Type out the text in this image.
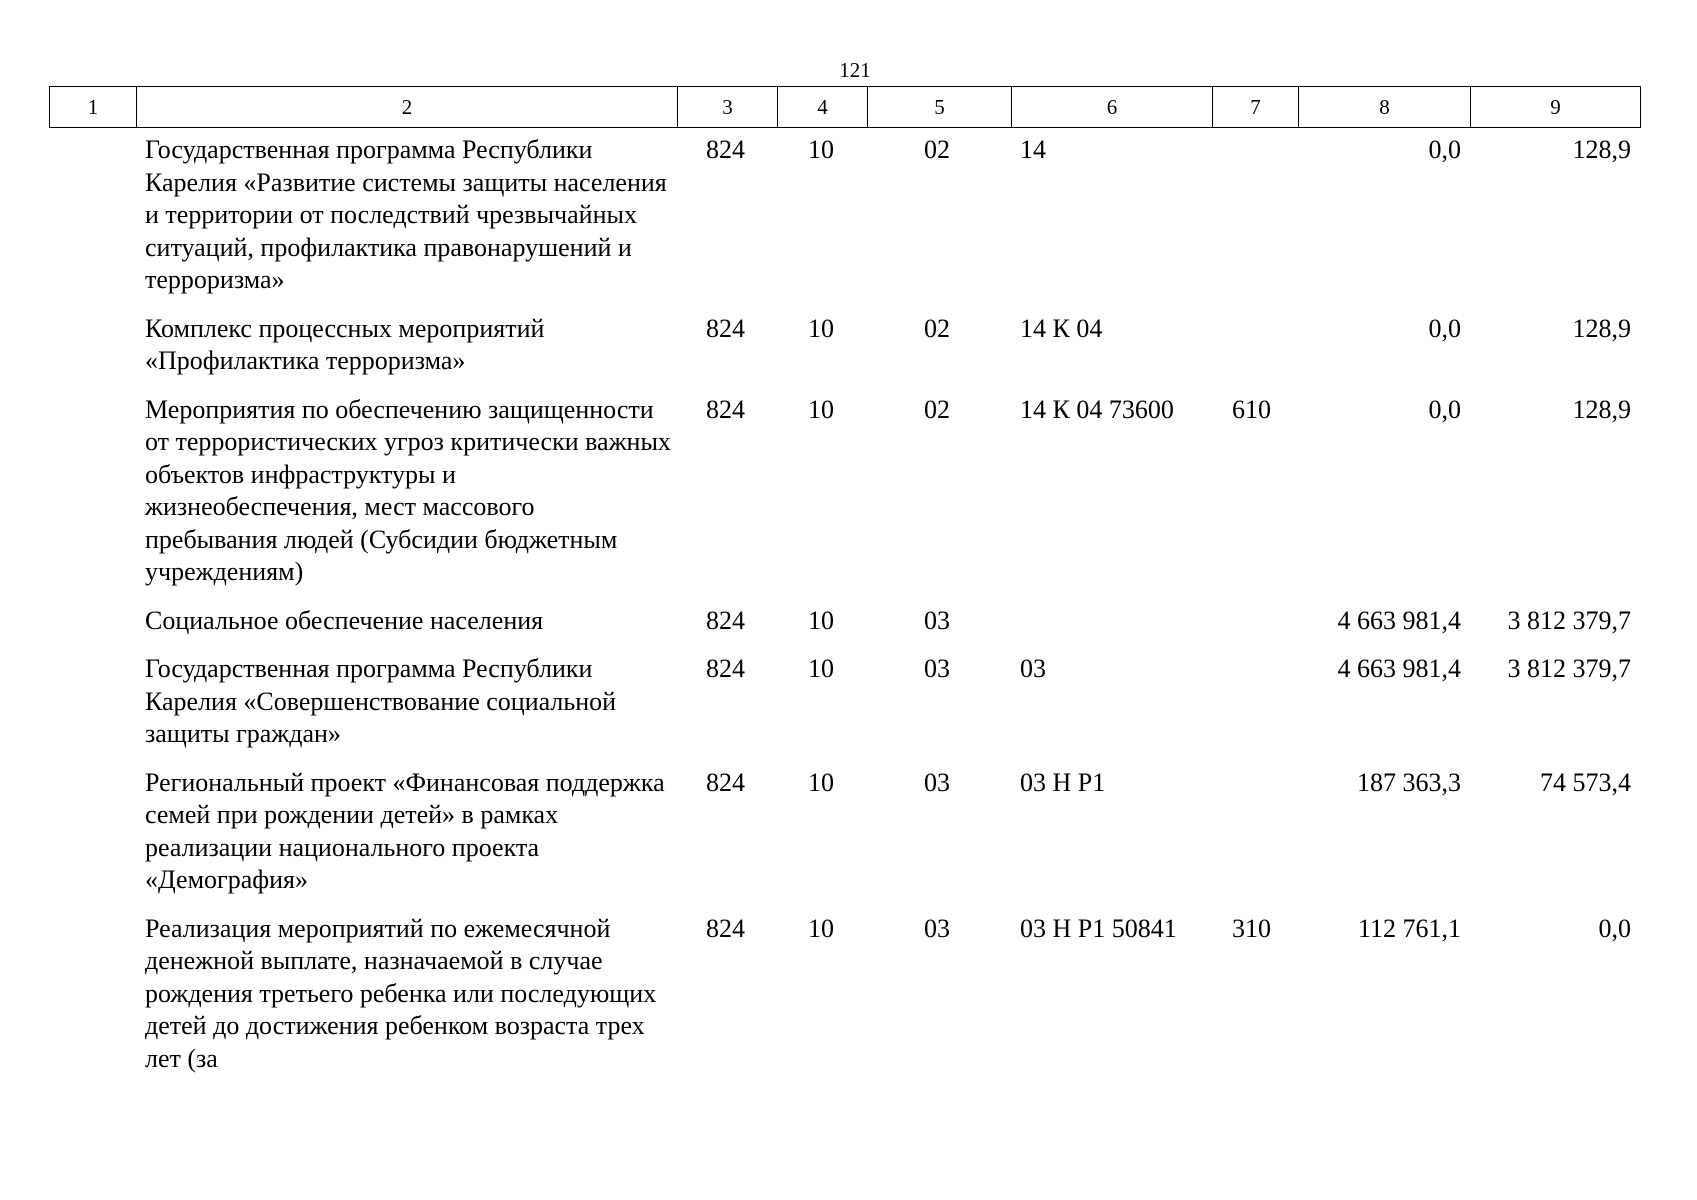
121
1	2	3	4	5	6	7	8	9
	Государственная программа Республики Карелия «Развитие системы защиты населения и территории от последствий чрезвычайных ситуаций, профилактика правонарушений и терроризма»	824	10	02	14		0,0	128,9
	Комплекс процессных мероприятий «Профилактика терроризма»	824	10	02	14 К 04		0,0	128,9
	Мероприятия по обеспечению защищенности от террористических угроз критически важных объектов инфраструктуры и жизнеобеспечения, мест массового пребывания людей (Субсидии бюджетным учреждениям)	824	10	02	14 К 04 73600	610	0,0	128,9
	Социальное обеспечение населения	824	10	03			4 663 981,4	3 812 379,7
	Государственная программа Республики Карелия «Совершенствование социальной защиты граждан»	824	10	03	03		4 663 981,4	3 812 379,7
	Региональный проект «Финансовая поддержка семей при рождении детей» в рамках реализации национального проекта «Демография»	824	10	03	03 Н Р1		187 363,3	74 573,4
	Реализация мероприятий по ежемесячной денежной выплате, назначаемой в случае рождения третьего ребенка или последующих детей до достижения ребенком возраста трех лет (за	824	10	03	03 Н Р1 50841	310	112 761,1	0,0
